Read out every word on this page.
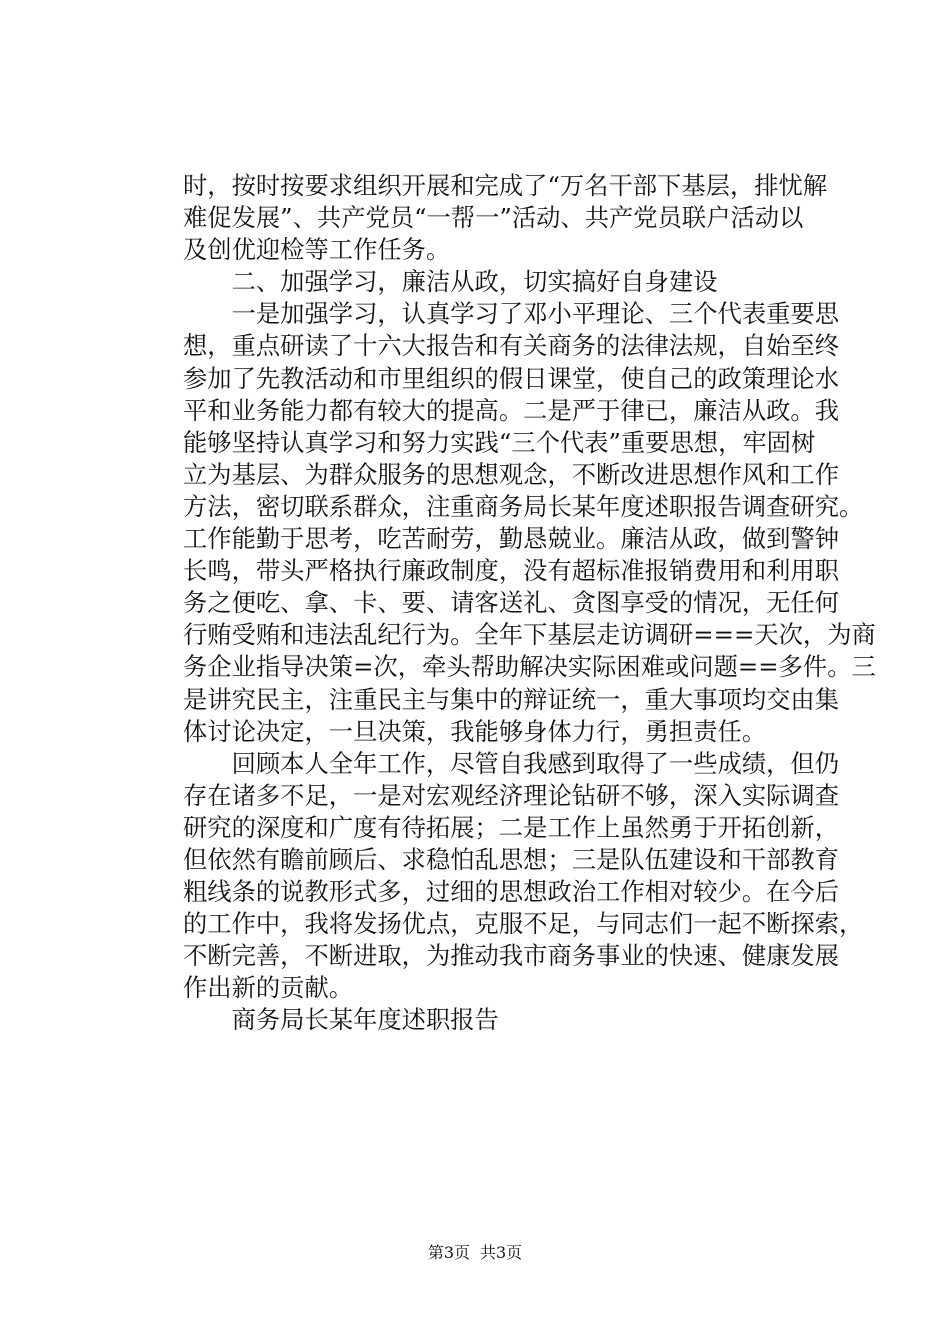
时，按时按要求组织开展和完成了“万名干部下基层，排忧解
难促发展”、共产党员“一帮一”活动、共产党员联户活动以
及创优迎检等工作任务。
　　二、加强学习，廉洁从政，切实搞好自身建设
　　一是加强学习，认真学习了邓小平理论、三个代表重要思
想，重点研读了十六大报告和有关商务的法律法规，自始至终
参加了先教活动和市里组织的假日课堂，使自己的政策理论水
平和业务能力都有较大的提高。二是严于律已，廉洁从政。我
能够坚持认真学习和努力实践“三个代表”重要思想，牢固树
立为基层、为群众服务的思想观念，不断改进思想作风和工作
方法，密切联系群众，注重商务局长某年度述职报告调查研究。
工作能勤于思考，吃苦耐劳，勤恳兢业。廉洁从政，做到警钟
长鸣，带头严格执行廉政制度，没有超标准报销费用和利用职
务之便吃、拿、卡、要、请客送礼、贪图享受的情况，无任何
行贿受贿和违法乱纪行为。全年下基层走访调研===天次，为商
务企业指导决策=次，牵头帮助解决实际困难或问题==多件。三
是讲究民主，注重民主与集中的辩证统一，重大事项均交由集
体讨论决定，一旦决策，我能够身体力行，勇担责任。
　　回顾本人全年工作，尽管自我感到取得了一些成绩，但仍
存在诸多不足，一是对宏观经济理论钻研不够，深入实际调查
研究的深度和广度有待拓展；二是工作上虽然勇于开拓创新，
但依然有瞻前顾后、求稳怕乱思想；三是队伍建设和干部教育
粗线条的说教形式多，过细的思想政治工作相对较少。在今后
的工作中，我将发扬优点，克服不足，与同志们一起不断探索，
不断完善，不断进取，为推动我市商务事业的快速、健康发展
作出新的贡献。
　　商务局长某年度述职报告
第3页 共3页
